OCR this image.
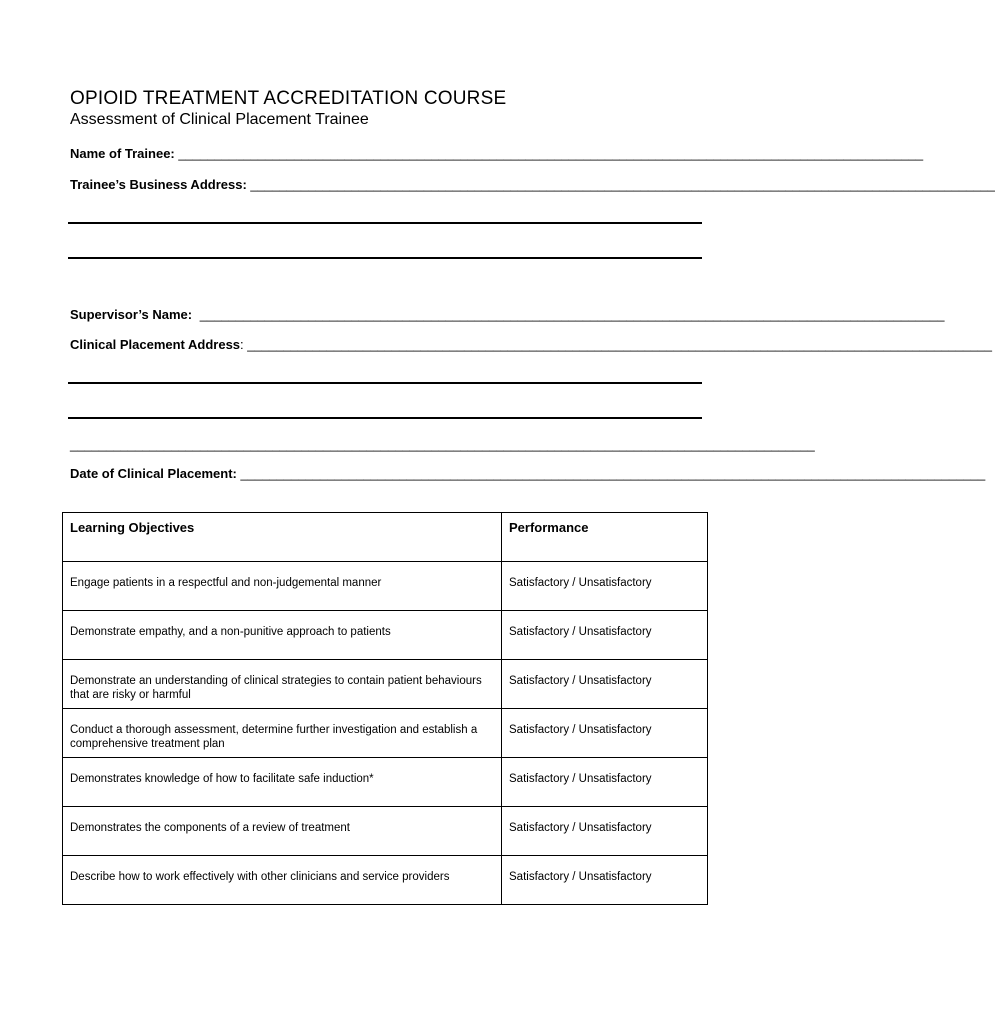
OPIOID TREATMENT ACCREDITATION COURSE
Assessment of Clinical Placement Trainee
Name of Trainee: _______________________________________________________________________________________________________
Trainee’s Business Address: _______________________________________________________________________________________________________
Supervisor’s Name: _______________________________________________________________________________________________________
Clinical Placement Address: _______________________________________________________________________________________________________
_______________________________________________________________________________________________________
Date of Clinical Placement: _______________________________________________________________________________________________________
Learning Objectives	Performance

Engage patients in a respectful and non-judgemental manner	Satisfactory / Unsatisfactory

Demonstrate empathy, and a non-punitive approach to patients	Satisfactory / Unsatisfactory

Demonstrate an understanding of clinical strategies to contain patient behaviours that are risky or harmful	Satisfactory / Unsatisfactory

Conduct a thorough assessment, determine further investigation and establish a comprehensive treatment plan	Satisfactory / Unsatisfactory

Demonstrates knowledge of how to facilitate safe induction*	Satisfactory / Unsatisfactory

Demonstrates the components of a review of treatment	Satisfactory / Unsatisfactory

Describe how to work effectively with other clinicians and service providers	Satisfactory / Unsatisfactory
